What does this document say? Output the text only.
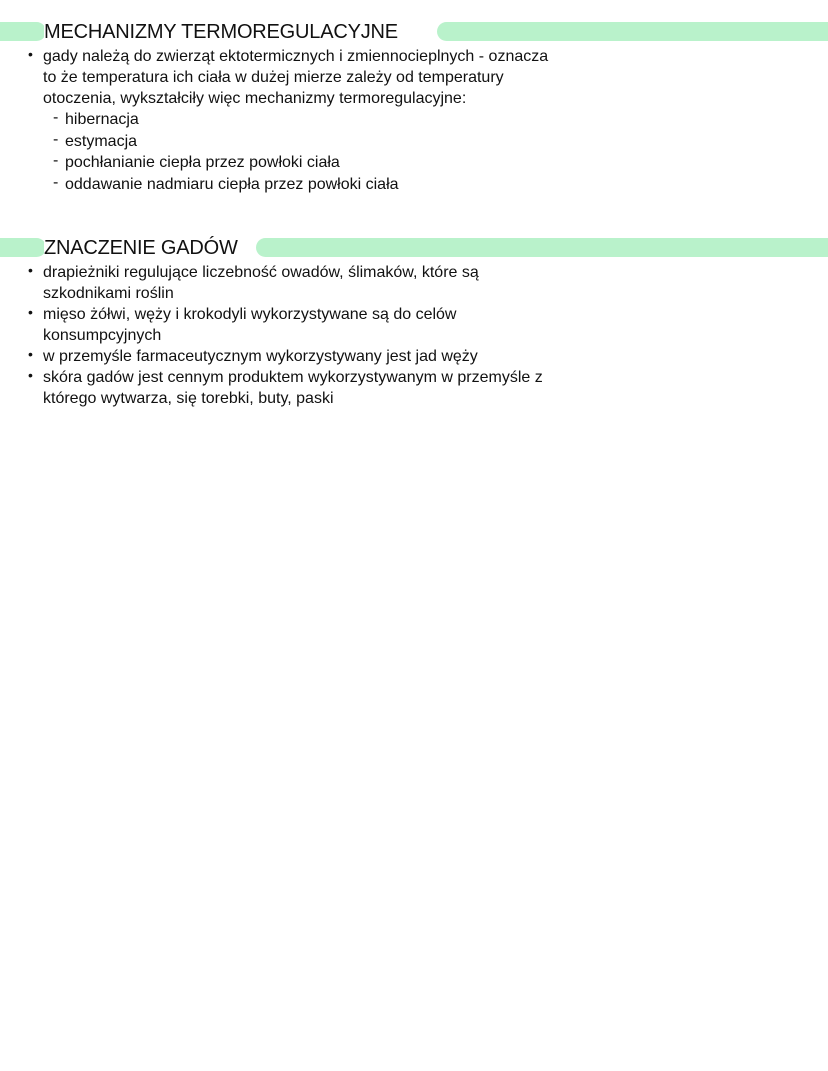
MECHANIZMY TERMOREGULACYJNE
• gady należą do zwierząt ektotermicznych i zmiennocieplnych - oznacza to że temperatura ich ciała w dużej mierze zależy od temperatury otoczenia, wykształciły więc mechanizmy termoregulacyjne:
- hibernacja
- estymacja
- pochłanianie ciepła przez powłoki ciała
- oddawanie nadmiaru ciepła przez powłoki ciała
ZNACZENIE GADÓW
• drapieżniki regulujące liczebność owadów, ślimaków, które są szkodnikami roślin
• mięso żółwi, węży i krokodyli wykorzystywane są do celów konsumpcyjnych
• w przemyśle farmaceutycznym wykorzystywany jest jad węży
• skóra gadów jest cennym produktem wykorzystywanym w przemyśle z którego wytwarza, się torebki, buty, paski
